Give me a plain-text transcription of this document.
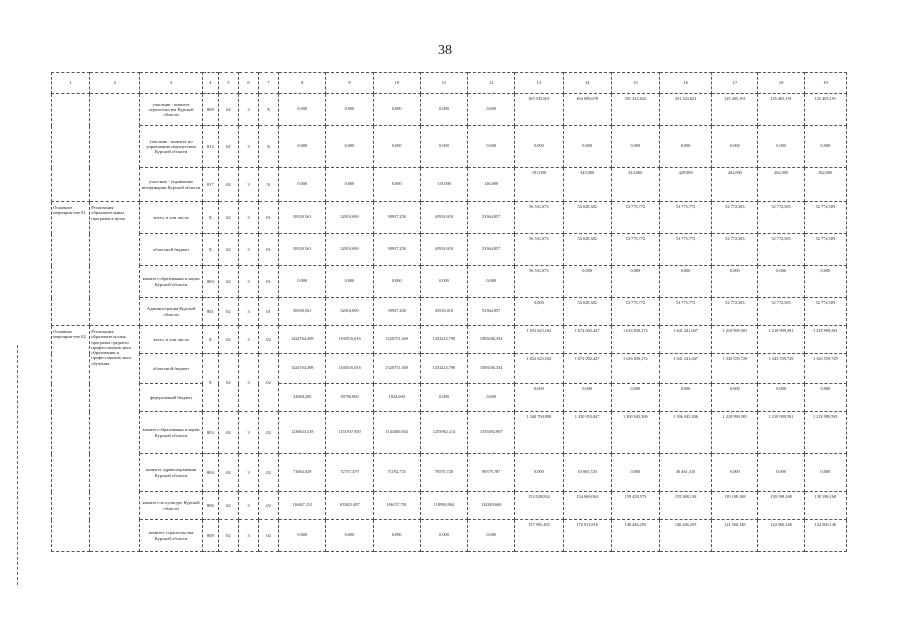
38
1	2	3	4	5	6	7	8	9	10	11	12	13	14	15	16	17	18	19
		участник - комитет строительства Курской области	808	02	3	Х	0,000	0,000	0,000	0,000	0,000	165 935,601	494 098,678	351 243,822	351 243,822	125 405,191	125 405,191	125 405,191
		участник - комитет по управлению имуществом Курской области	812	02	3	Х	0,000	0,000	0,000	0,000	0,000	0,000	0,000	0,000	0,000	0,000	0,000	0,000
		участник - управление ветеринарии Курской области	817	02	3	Х	0,000	0,000	0,000	115,000	146,000	191,000	343,000	414,000	429,000	262,000	262,000	262,000
Основное мероприя-тие 01	Реализация образовательных программ в вузах	всего, в том числе	Х	02	3	01	38330,561	32010,690	39937,258	45918,010	53364,857	56 531,673	54 028,382	53 775,772	53 775,772	52 772,583	52 772,583	52 772,583
		областной бюджет	Х	02	3	01	38330,561	32010,690	39937,258	45918,010	53364,857	56 531,673	54 028,382	53 775,772	53 775,772	52 772,583	52 772,583	52 772,583
		комитет образования и науки Курской области	803	02	3	01	0,000	0,000	0,000	0,000	0,000	56 531,673	0,000	0,000	0,000	0,000	0,000	0,000
		Администрация Курской области	801	02	3	01	38330,561	32010,690	39937,258	45918,010	53364,857	0,000	54 028,382	53 775,772	53 775,772	52 772,583	52 772,583	52 772,583
Основное мероприя-тие 02	Реализация образователь-ных программ среднего профессиональ-ного образования и профессиональ-ного обучения	всего, в том числе	Х	02	3	02	1424764,498	1330516,816	1320751,369	1453223,798	1583036,354	1 652 625,162	1 672 002,447	1 616 830,172	1 641 241,047	1 218 999,581	1 218 999,581	1 218 999,581
		областной бюджет	Х	02	3	02	1424764,498	1330516,816	1320751,369	1453223,798	1583036,354	1 652 625,162	1 672 002,447	1 616 830,172	1 641 241,047	1 343 559,729	1 343 559,729	1 343 559,729
		федеральный бюджет					23068,200	18790,800	1824,000	0,000	0,000	0,000	0,000	0,000	0,000	0,000	0,000	0,000
		комитет образования и науки Курской области	803	02	3	02	1236633,318	1151937,850	1143400,843	1255962,114	1359292,907	1 340 700,898	1 330 953,847	1 300 945,306	1 396 945,306	1 218 999,581	1 218 999,581	1 218 999,581
		комитет здравоохранения Курской области	804	02	3	02	71664,029	72757,479	71192,735	78570,720	89379,787	0,000	10 065,720	0,000	30 461,310	0,000	0,000	0,000
		комитет по культуре Курской области	806	02	3	02	116467,151	105821,487	106157,791	118990,904	134383,660	153 928,834	154 969,064	159 458,573	155 588,138	139 198,168	139 198,168	139 198,168
		комитет строительства Курской области	808	02	3	02	0,000	0,000	0,000	0,000	0,000	157 965,450	176 913,816	146 446,293	146 446,293	124 560,148	124 560,148	124 560,148
